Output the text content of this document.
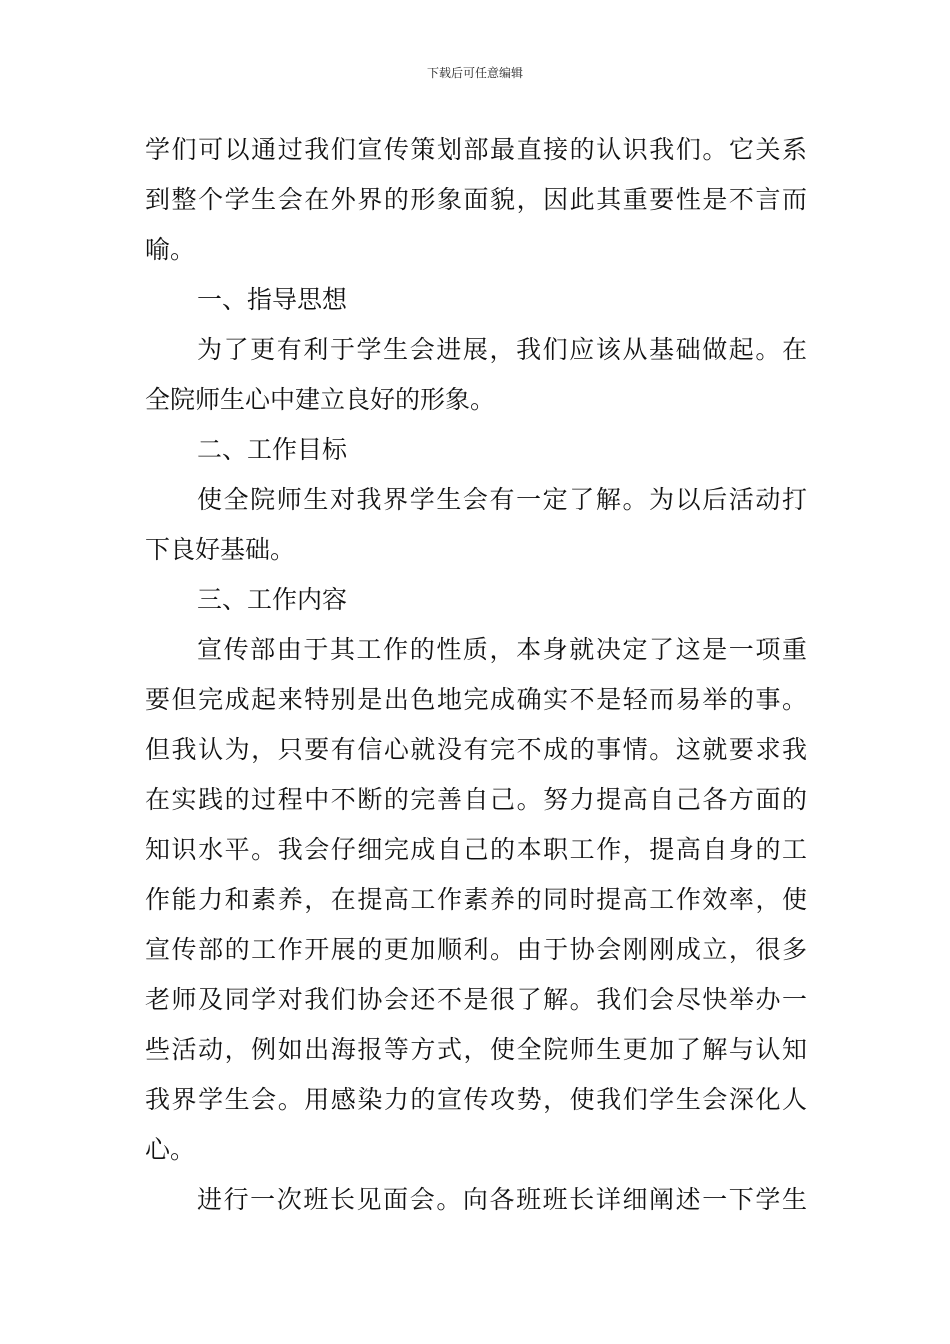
下载后可任意编辑
学们可以通过我们宣传策划部最直接的认识我们。它关系
到整个学生会在外界的形象面貌，因此其重要性是不言而
喻。
一、指导思想
为了更有利于学生会进展，我们应该从基础做起。在
全院师生心中建立良好的形象。
二、工作目标
使全院师生对我界学生会有一定了解。为以后活动打
下良好基础。
三、工作内容
宣传部由于其工作的性质，本身就决定了这是一项重
要但完成起来特别是出色地完成确实不是轻而易举的事。
但我认为，只要有信心就没有完不成的事情。这就要求我
在实践的过程中不断的完善自己。努力提高自己各方面的
知识水平。我会仔细完成自己的本职工作，提高自身的工
作能力和素养，在提高工作素养的同时提高工作效率，使
宣传部的工作开展的更加顺利。由于协会刚刚成立，很多
老师及同学对我们协会还不是很了解。我们会尽快举办一
些活动，例如出海报等方式，使全院师生更加了解与认知
我界学生会。用感染力的宣传攻势，使我们学生会深化人
心。
进行一次班长见面会。向各班班长详细阐述一下学生
